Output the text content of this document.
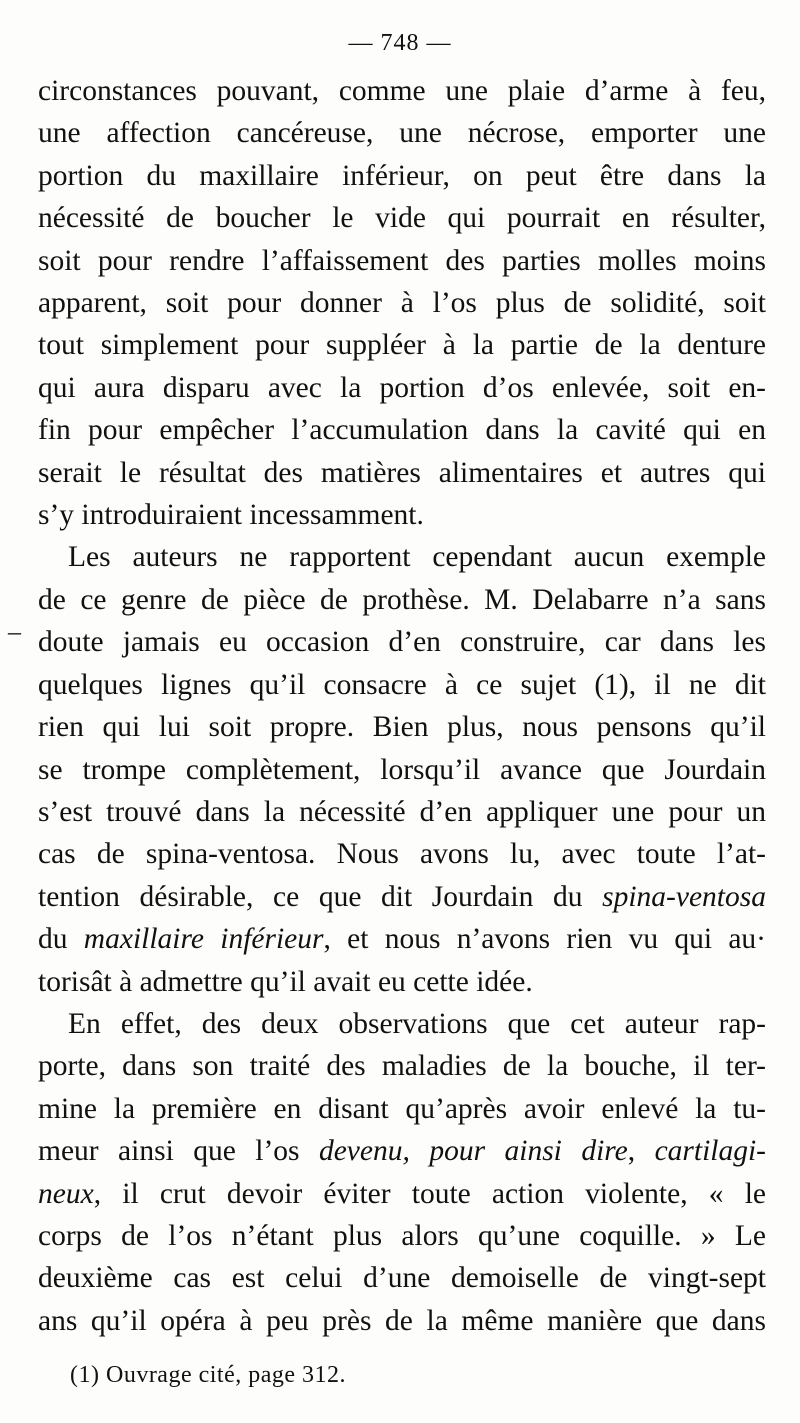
— 748 —
–
circonstances pouvant, comme une plaie d’arme à feu,
une affection cancéreuse, une nécrose, emporter une
portion du maxillaire inférieur, on peut être dans la
nécessité de boucher le vide qui pourrait en résulter,
soit pour rendre l’affaissement des parties molles moins
apparent, soit pour donner à l’os plus de solidité, soit
tout simplement pour suppléer à la partie de la denture
qui aura disparu avec la portion d’os enlevée, soit en-
fin pour empêcher l’accumulation dans la cavité qui en
serait le résultat des matières alimentaires et autres qui
s’y introduiraient incessamment.
Les auteurs ne rapportent cependant aucun exemple
de ce genre de pièce de prothèse. M. Delabarre n’a sans
doute jamais eu occasion d’en construire, car dans les
quelques lignes qu’il consacre à ce sujet (1), il ne dit
rien qui lui soit propre. Bien plus, nous pensons qu’il
se trompe complètement, lorsqu’il avance que Jourdain
s’est trouvé dans la nécessité d’en appliquer une pour un
cas de spina-ventosa. Nous avons lu, avec toute l’at-
tention désirable, ce que dit Jourdain du spina-ventosa
du maxillaire inférieur, et nous n’avons rien vu qui au·
torisât à admettre qu’il avait eu cette idée.
En effet, des deux observations que cet auteur rap-
porte, dans son traité des maladies de la bouche, il ter-
mine la première en disant qu’après avoir enlevé la tu-
meur ainsi que l’os devenu, pour ainsi dire, cartilagi-
neux, il crut devoir éviter toute action violente, « le
corps de l’os n’étant plus alors qu’une coquille. » Le
deuxième cas est celui d’une demoiselle de vingt-sept
ans qu’il opéra à peu près de la même manière que dans
(1) Ouvrage cité, page 312.
